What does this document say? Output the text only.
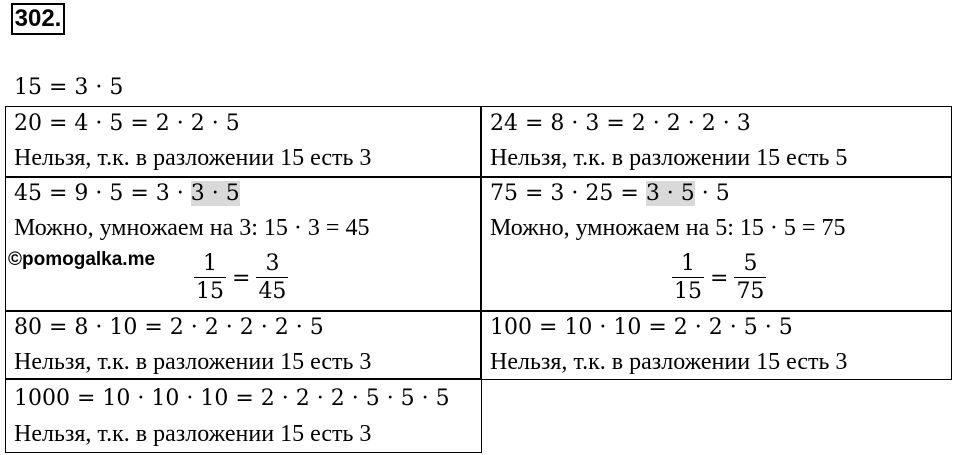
302.
15 = 3 · 5
20 = 4 · 5 = 2 · 2 · 5
Нельзя, т.к. в разложении 15 есть 3
24 = 8 · 3 = 2 · 2 · 2 · 3
Нельзя, т.к. в разложении 15 есть 5
45 = 9 · 5 = 3 · 3 · 5
Можно, умножаем на 3: 15 · 3 = 45
©pomogalka.me $\frac{1}{15} = \frac{3}{45}$
75 = 3 · 25 = 3 · 5 · 5
Можно, умножаем на 5: 15 · 5 = 75
$\frac{1}{15} = \frac{5}{75}$
80 = 8 · 10 = 2 · 2 · 2 · 2 · 5
Нельзя, т.к. в разложении 15 есть 3
100 = 10 · 10 = 2 · 2 · 5 · 5
Нельзя, т.к. в разложении 15 есть 3
1000 = 10 · 10 · 10 = 2 · 2 · 2 · 5 · 5 · 5
Нельзя, т.к. в разложении 15 есть 3
